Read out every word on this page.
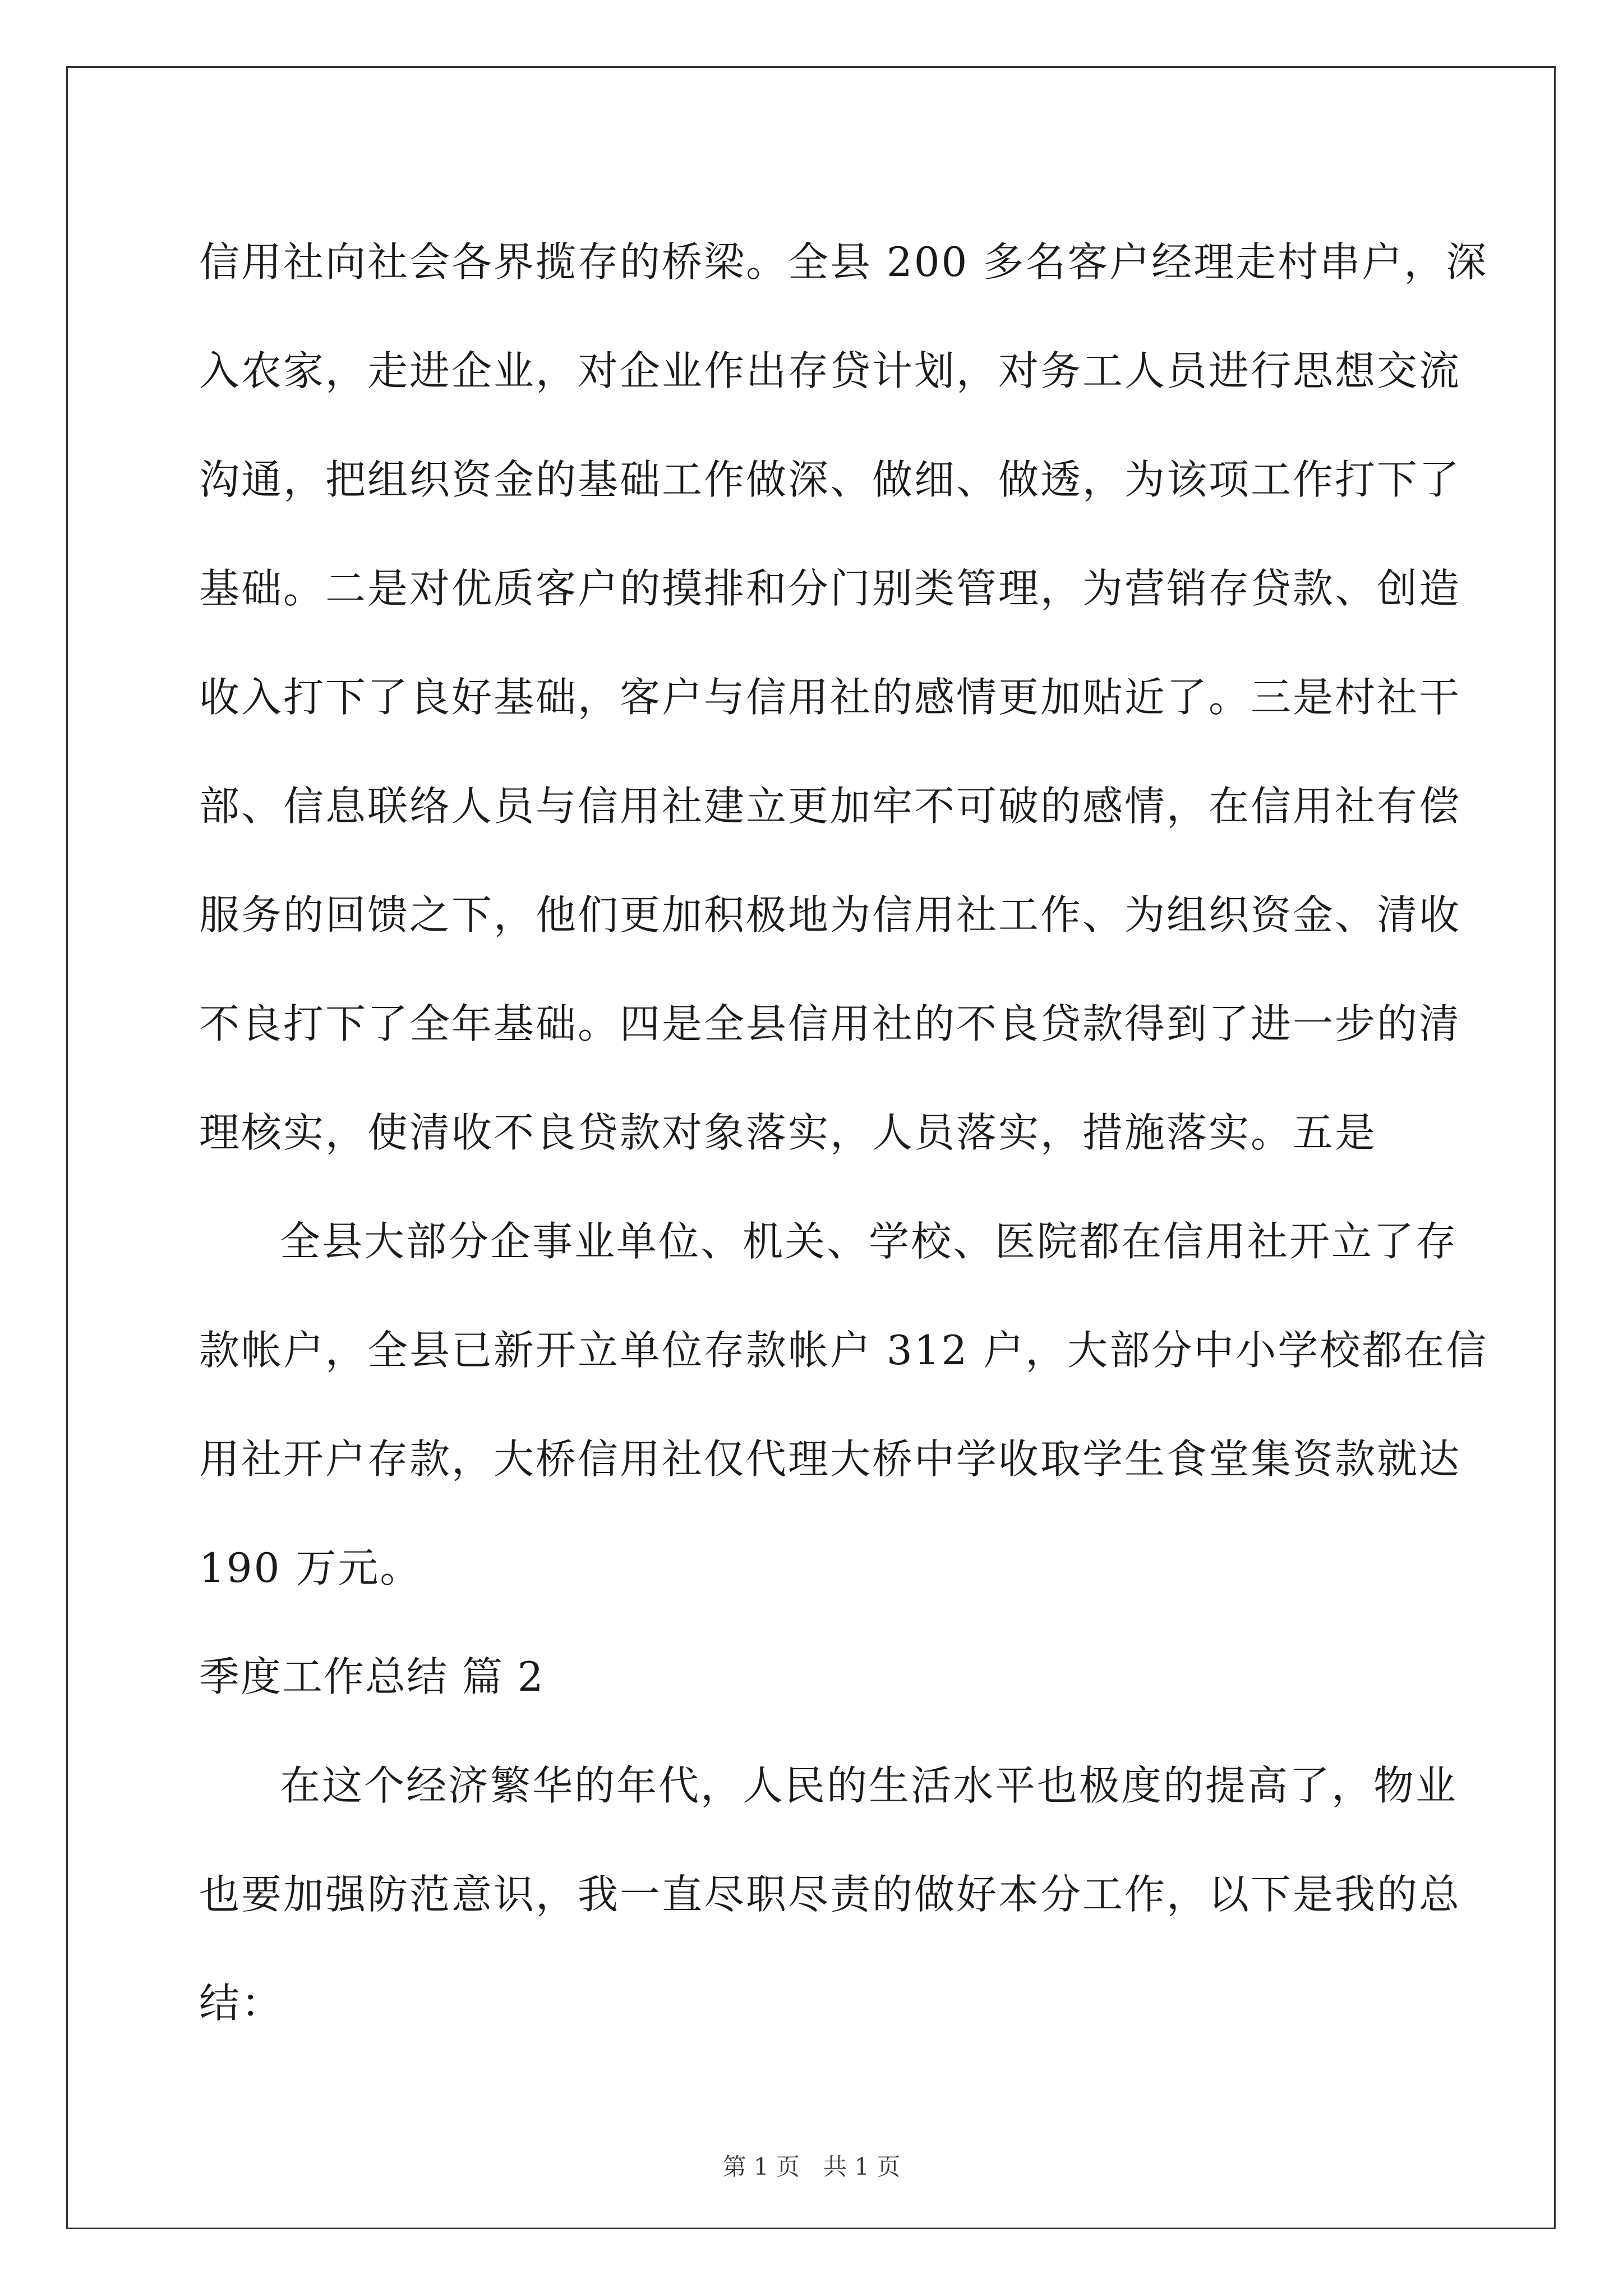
信用社向社会各界揽存的桥梁。全县 200 多名客户经理走村串户，深
入农家，走进企业，对企业作出存贷计划，对务工人员进行思想交流
沟通，把组织资金的基础工作做深、做细、做透，为该项工作打下了
基础。二是对优质客户的摸排和分门别类管理，为营销存贷款、创造
收入打下了良好基础，客户与信用社的感情更加贴近了。三是村社干
部、信息联络人员与信用社建立更加牢不可破的感情，在信用社有偿
服务的回馈之下，他们更加积极地为信用社工作、为组织资金、清收
不良打下了全年基础。四是全县信用社的不良贷款得到了进一步的清
理核实，使清收不良贷款对象落实，人员落实，措施落实。五是
全县大部分企事业单位、机关、学校、医院都在信用社开立了存
款帐户，全县已新开立单位存款帐户 312 户，大部分中小学校都在信
用社开户存款，大桥信用社仅代理大桥中学收取学生食堂集资款就达
190 万元。
季度工作总结 篇 2
在这个经济繁华的年代，人民的生活水平也极度的提高了，物业
也要加强防范意识，我一直尽职尽责的做好本分工作，以下是我的总
结：
第 1 页　共 1 页
